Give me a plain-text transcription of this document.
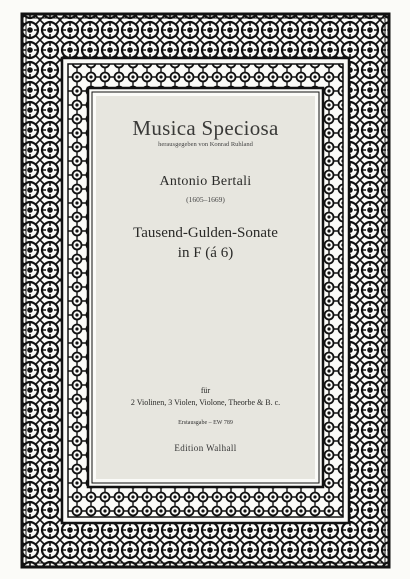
Musica Speciosa
herausgegeben von Konrad Ruhland
Antonio Bertali
(1605–1669)
Tausend-Gulden-Sonate
in F (á 6)
für
2 Violinen, 3 Violen, Violone, Theorbe & B. c.
Erstausgabe – EW 789
Edition Walhall
